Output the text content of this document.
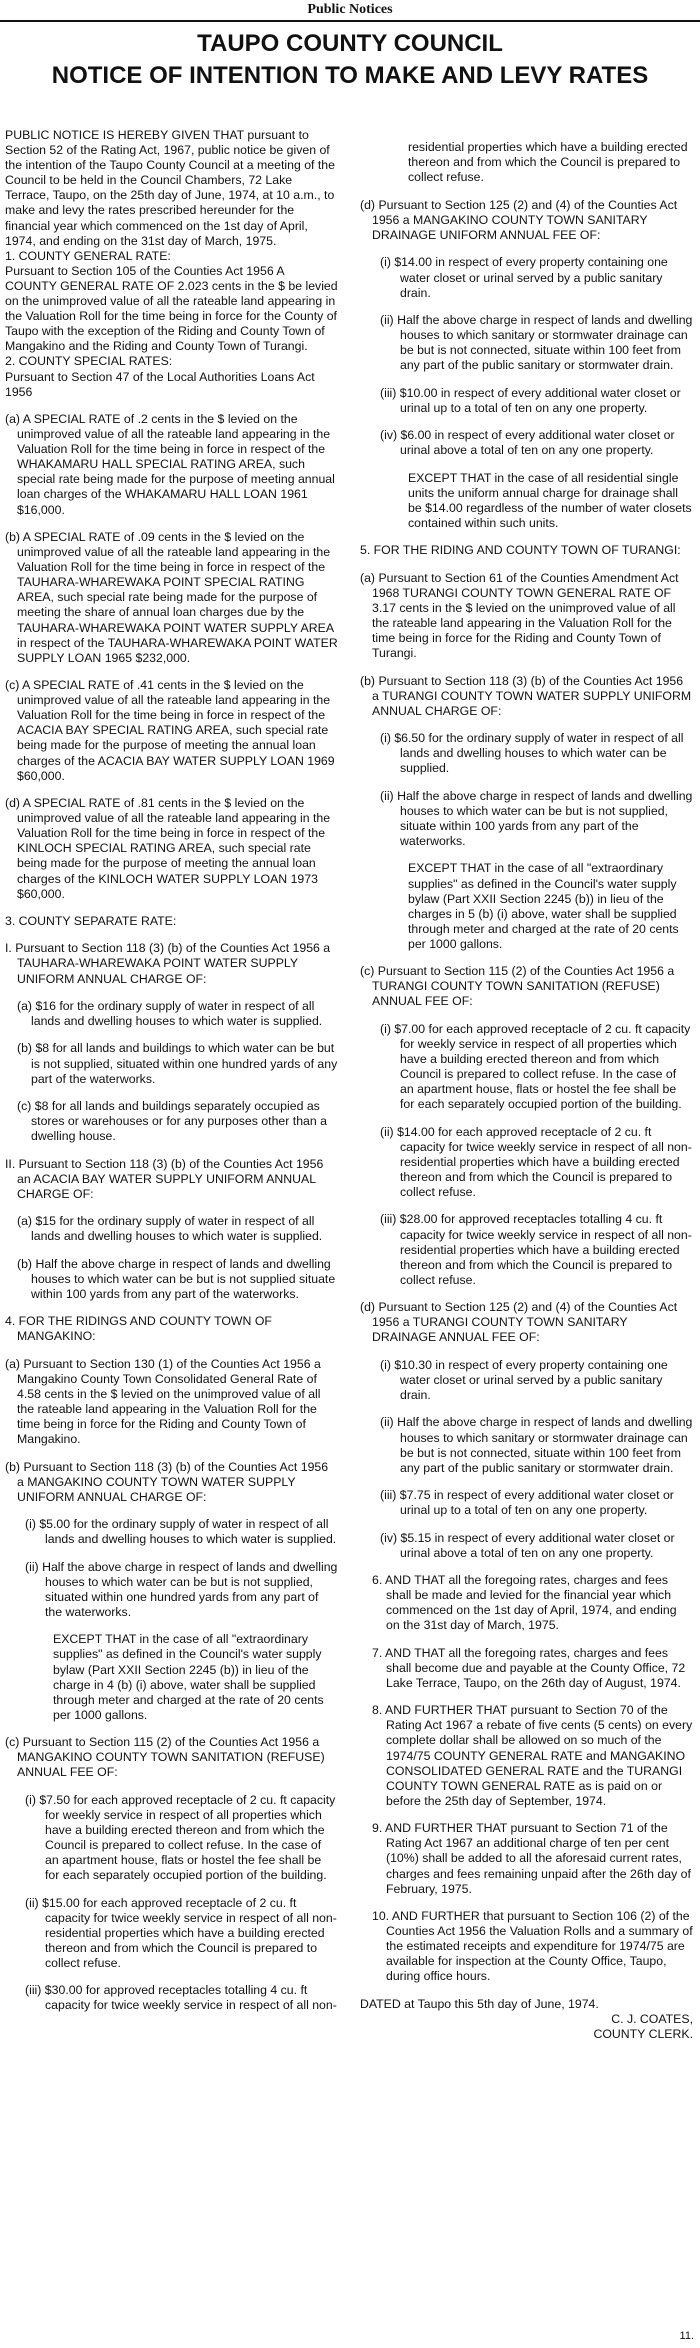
Public Notices
TAUPO COUNTY COUNCIL
NOTICE OF INTENTION TO MAKE AND LEVY RATES

PUBLIC NOTICE IS HEREBY GIVEN THAT pursuant to Section 52 of the Rating Act, 1967, public notice be given of the intention of the Taupo County Council at a meeting of the Council to be held in the Council Chambers, 72 Lake Terrace, Taupo, on the 25th day of June, 1974, at 10 a.m., to make and levy the rates prescribed hereunder for the financial year which commenced on the 1st day of April, 1974, and ending on the 31st day of March, 1975.

1. COUNTY GENERAL RATE:

Pursuant to Section 105 of the Counties Act 1956 A COUNTY GENERAL RATE OF 2.023 cents in the $ be levied on the unimproved value of all the rateable land appearing in the Valuation Roll for the time being in force for the County of Taupo with the exception of the Riding and County Town of Mangakino and the Riding and County Town of Turangi.

2. COUNTY SPECIAL RATES:

Pursuant to Section 47 of the Local Authorities Loans Act 1956

(a) A SPECIAL RATE of .2 cents in the $ levied on the unimproved value of all the rateable land appearing in the Valuation Roll for the time being in force in respect of the WHAKAMARU HALL SPECIAL RATING AREA, such special rate being made for the purpose of meeting annual loan charges of the WHAKAMARU HALL LOAN 1961 $16,000.

(b) A SPECIAL RATE of .09 cents in the $ levied on the unimproved value of all the rateable land appearing in the Valuation Roll for the time being in force in respect of the TAUHARA-WHAREWAKA POINT SPECIAL RATING AREA, such special rate being made for the purpose of meeting the share of annual loan charges due by the TAUHARA-WHAREWAKA POINT WATER SUPPLY AREA in respect of the TAUHARA-WHAREWAKA POINT WATER SUPPLY LOAN 1965 $232,000.

(c) A SPECIAL RATE of .41 cents in the $ levied on the unimproved value of all the rateable land appearing in the Valuation Roll for the time being in force in respect of the ACACIA BAY SPECIAL RATING AREA, such special rate being made for the purpose of meeting the annual loan charges of the ACACIA BAY WATER SUPPLY LOAN 1969 $60,000.

(d) A SPECIAL RATE of .81 cents in the $ levied on the unimproved value of all the rateable land appearing in the Valuation Roll for the time being in force in respect of the KINLOCH SPECIAL RATING AREA, such special rate being made for the purpose of meeting the annual loan charges of the KINLOCH WATER SUPPLY LOAN 1973 $60,000.

3. COUNTY SEPARATE RATE:

I. Pursuant to Section 118 (3) (b) of the Counties Act 1956 a TAUHARA-WHAREWAKA POINT WATER SUPPLY UNIFORM ANNUAL CHARGE OF:

(a) $16 for the ordinary supply of water in respect of all lands and dwelling houses to which water is supplied.

(b) $8 for all lands and buildings to which water can be but is not supplied, situated within one hundred yards of any part of the waterworks.

(c) $8 for all lands and buildings separately occupied as stores or warehouses or for any purposes other than a dwelling house.

II. Pursuant to Section 118 (3) (b) of the Counties Act 1956 an ACACIA BAY WATER SUPPLY UNIFORM ANNUAL CHARGE OF:

(a) $15 for the ordinary supply of water in respect of all lands and dwelling houses to which water is supplied.

(b) Half the above charge in respect of lands and dwelling houses to which water can be but is not supplied situate within 100 yards from any part of the waterworks.

4. FOR THE RIDINGS AND COUNTY TOWN OF MANGAKINO:

(a) Pursuant to Section 130 (1) of the Counties Act 1956 a Mangakino County Town Consolidated General Rate of 4.58 cents in the $ levied on the unimproved value of all the rateable land appearing in the Valuation Roll for the time being in force for the Riding and County Town of Mangakino.

(b) Pursuant to Section 118 (3) (b) of the Counties Act 1956 a MANGAKINO COUNTY TOWN WATER SUPPLY UNIFORM ANNUAL CHARGE OF:

(i) $5.00 for the ordinary supply of water in respect of all lands and dwelling houses to which water is supplied.

(ii) Half the above charge in respect of lands and dwelling houses to which water can be but is not supplied, situated within one hundred yards from any part of the waterworks.

EXCEPT THAT in the case of all "extraordinary supplies" as defined in the Council's water supply bylaw (Part XXII Section 2245 (b)) in lieu of the charge in 4 (b) (i) above, water shall be supplied through meter and charged at the rate of 20 cents per 1000 gallons.

(c) Pursuant to Section 115 (2) of the Counties Act 1956 a MANGAKINO COUNTY TOWN SANITATION (REFUSE) ANNUAL FEE OF:

(i) $7.50 for each approved receptacle of 2 cu. ft capacity for weekly service in respect of all properties which have a building erected thereon and from which the Council is prepared to collect refuse. In the case of an apartment house, flats or hostel the fee shall be for each separately occupied portion of the building.

(ii) $15.00 for each approved receptacle of 2 cu. ft capacity for twice weekly service in respect of all non-residential properties which have a building erected thereon and from which the Council is prepared to collect refuse.

(iii) $30.00 for approved receptacles totalling 4 cu. ft capacity for twice weekly service in respect of all non-

residential properties which have a building erected thereon and from which the Council is prepared to collect refuse.

(d) Pursuant to Section 125 (2) and (4) of the Counties Act 1956 a MANGAKINO COUNTY TOWN SANITARY DRAINAGE UNIFORM ANNUAL FEE OF:

(i) $14.00 in respect of every property containing one water closet or urinal served by a public sanitary drain.

(ii) Half the above charge in respect of lands and dwelling houses to which sanitary or stormwater drainage can be but is not connected, situate within 100 feet from any part of the public sanitary or stormwater drain.

(iii) $10.00 in respect of every additional water closet or urinal up to a total of ten on any one property.

(iv) $6.00 in respect of every additional water closet or urinal above a total of ten on any one property.

EXCEPT THAT in the case of all residential single units the uniform annual charge for drainage shall be $14.00 regardless of the number of water closets contained within such units.

5. FOR THE RIDING AND COUNTY TOWN OF TURANGI:

(a) Pursuant to Section 61 of the Counties Amendment Act 1968 TURANGI COUNTY TOWN GENERAL RATE OF 3.17 cents in the $ levied on the unimproved value of all the rateable land appearing in the Valuation Roll for the time being in force for the Riding and County Town of Turangi.

(b) Pursuant to Section 118 (3) (b) of the Counties Act 1956 a TURANGI COUNTY TOWN WATER SUPPLY UNIFORM ANNUAL CHARGE OF:

(i) $6.50 for the ordinary supply of water in respect of all lands and dwelling houses to which water can be supplied.

(ii) Half the above charge in respect of lands and dwelling houses to which water can be but is not supplied, situate within 100 yards from any part of the waterworks.

EXCEPT THAT in the case of all "extraordinary supplies" as defined in the Council's water supply bylaw (Part XXII Section 2245 (b)) in lieu of the charges in 5 (b) (i) above, water shall be supplied through meter and charged at the rate of 20 cents per 1000 gallons.

(c) Pursuant to Section 115 (2) of the Counties Act 1956 a TURANGI COUNTY TOWN SANITATION (REFUSE) ANNUAL FEE OF:

(i) $7.00 for each approved receptacle of 2 cu. ft capacity for weekly service in respect of all properties which have a building erected thereon and from which Council is prepared to collect refuse. In the case of an apartment house, flats or hostel the fee shall be for each separately occupied portion of the building.

(ii) $14.00 for each approved receptacle of 2 cu. ft capacity for twice weekly service in respect of all non-residential properties which have a building erected thereon and from which the Council is prepared to collect refuse.

(iii) $28.00 for approved receptacles totalling 4 cu. ft capacity for twice weekly service in respect of all non-residential properties which have a building erected thereon and from which the Council is prepared to collect refuse.

(d) Pursuant to Section 125 (2) and (4) of the Counties Act 1956 a TURANGI COUNTY TOWN SANITARY DRAINAGE ANNUAL FEE OF:

(i) $10.30 in respect of every property containing one water closet or urinal served by a public sanitary drain.

(ii) Half the above charge in respect of lands and dwelling houses to which sanitary or stormwater drainage can be but is not connected, situate within 100 feet from any part of the public sanitary or stormwater drain.

(iii) $7.75 in respect of every additional water closet or urinal up to a total of ten on any one property.

(iv) $5.15 in respect of every additional water closet or urinal above a total of ten on any one property.

6. AND THAT all the foregoing rates, charges and fees shall be made and levied for the financial year which commenced on the 1st day of April, 1974, and ending on the 31st day of March, 1975.

7. AND THAT all the foregoing rates, charges and fees shall become due and payable at the County Office, 72 Lake Terrace, Taupo, on the 26th day of August, 1974.

8. AND FURTHER THAT pursuant to Section 70 of the Rating Act 1967 a rebate of five cents (5 cents) on every complete dollar shall be allowed on so much of the 1974/75 COUNTY GENERAL RATE and MANGAKINO CONSOLIDATED GENERAL RATE and the TURANGI COUNTY TOWN GENERAL RATE as is paid on or before the 25th day of September, 1974.

9. AND FURTHER THAT pursuant to Section 71 of the Rating Act 1967 an additional charge of ten per cent (10%) shall be added to all the aforesaid current rates, charges and fees remaining unpaid after the 26th day of February, 1975.

10. AND FURTHER that pursuant to Section 106 (2) of the Counties Act 1956 the Valuation Rolls and a summary of the estimated receipts and expenditure for 1974/75 are available for inspection at the County Office, Taupo, during office hours.

DATED at Taupo this 5th day of June, 1974.

C. J. COATES,

COUNTY CLERK.

11.
